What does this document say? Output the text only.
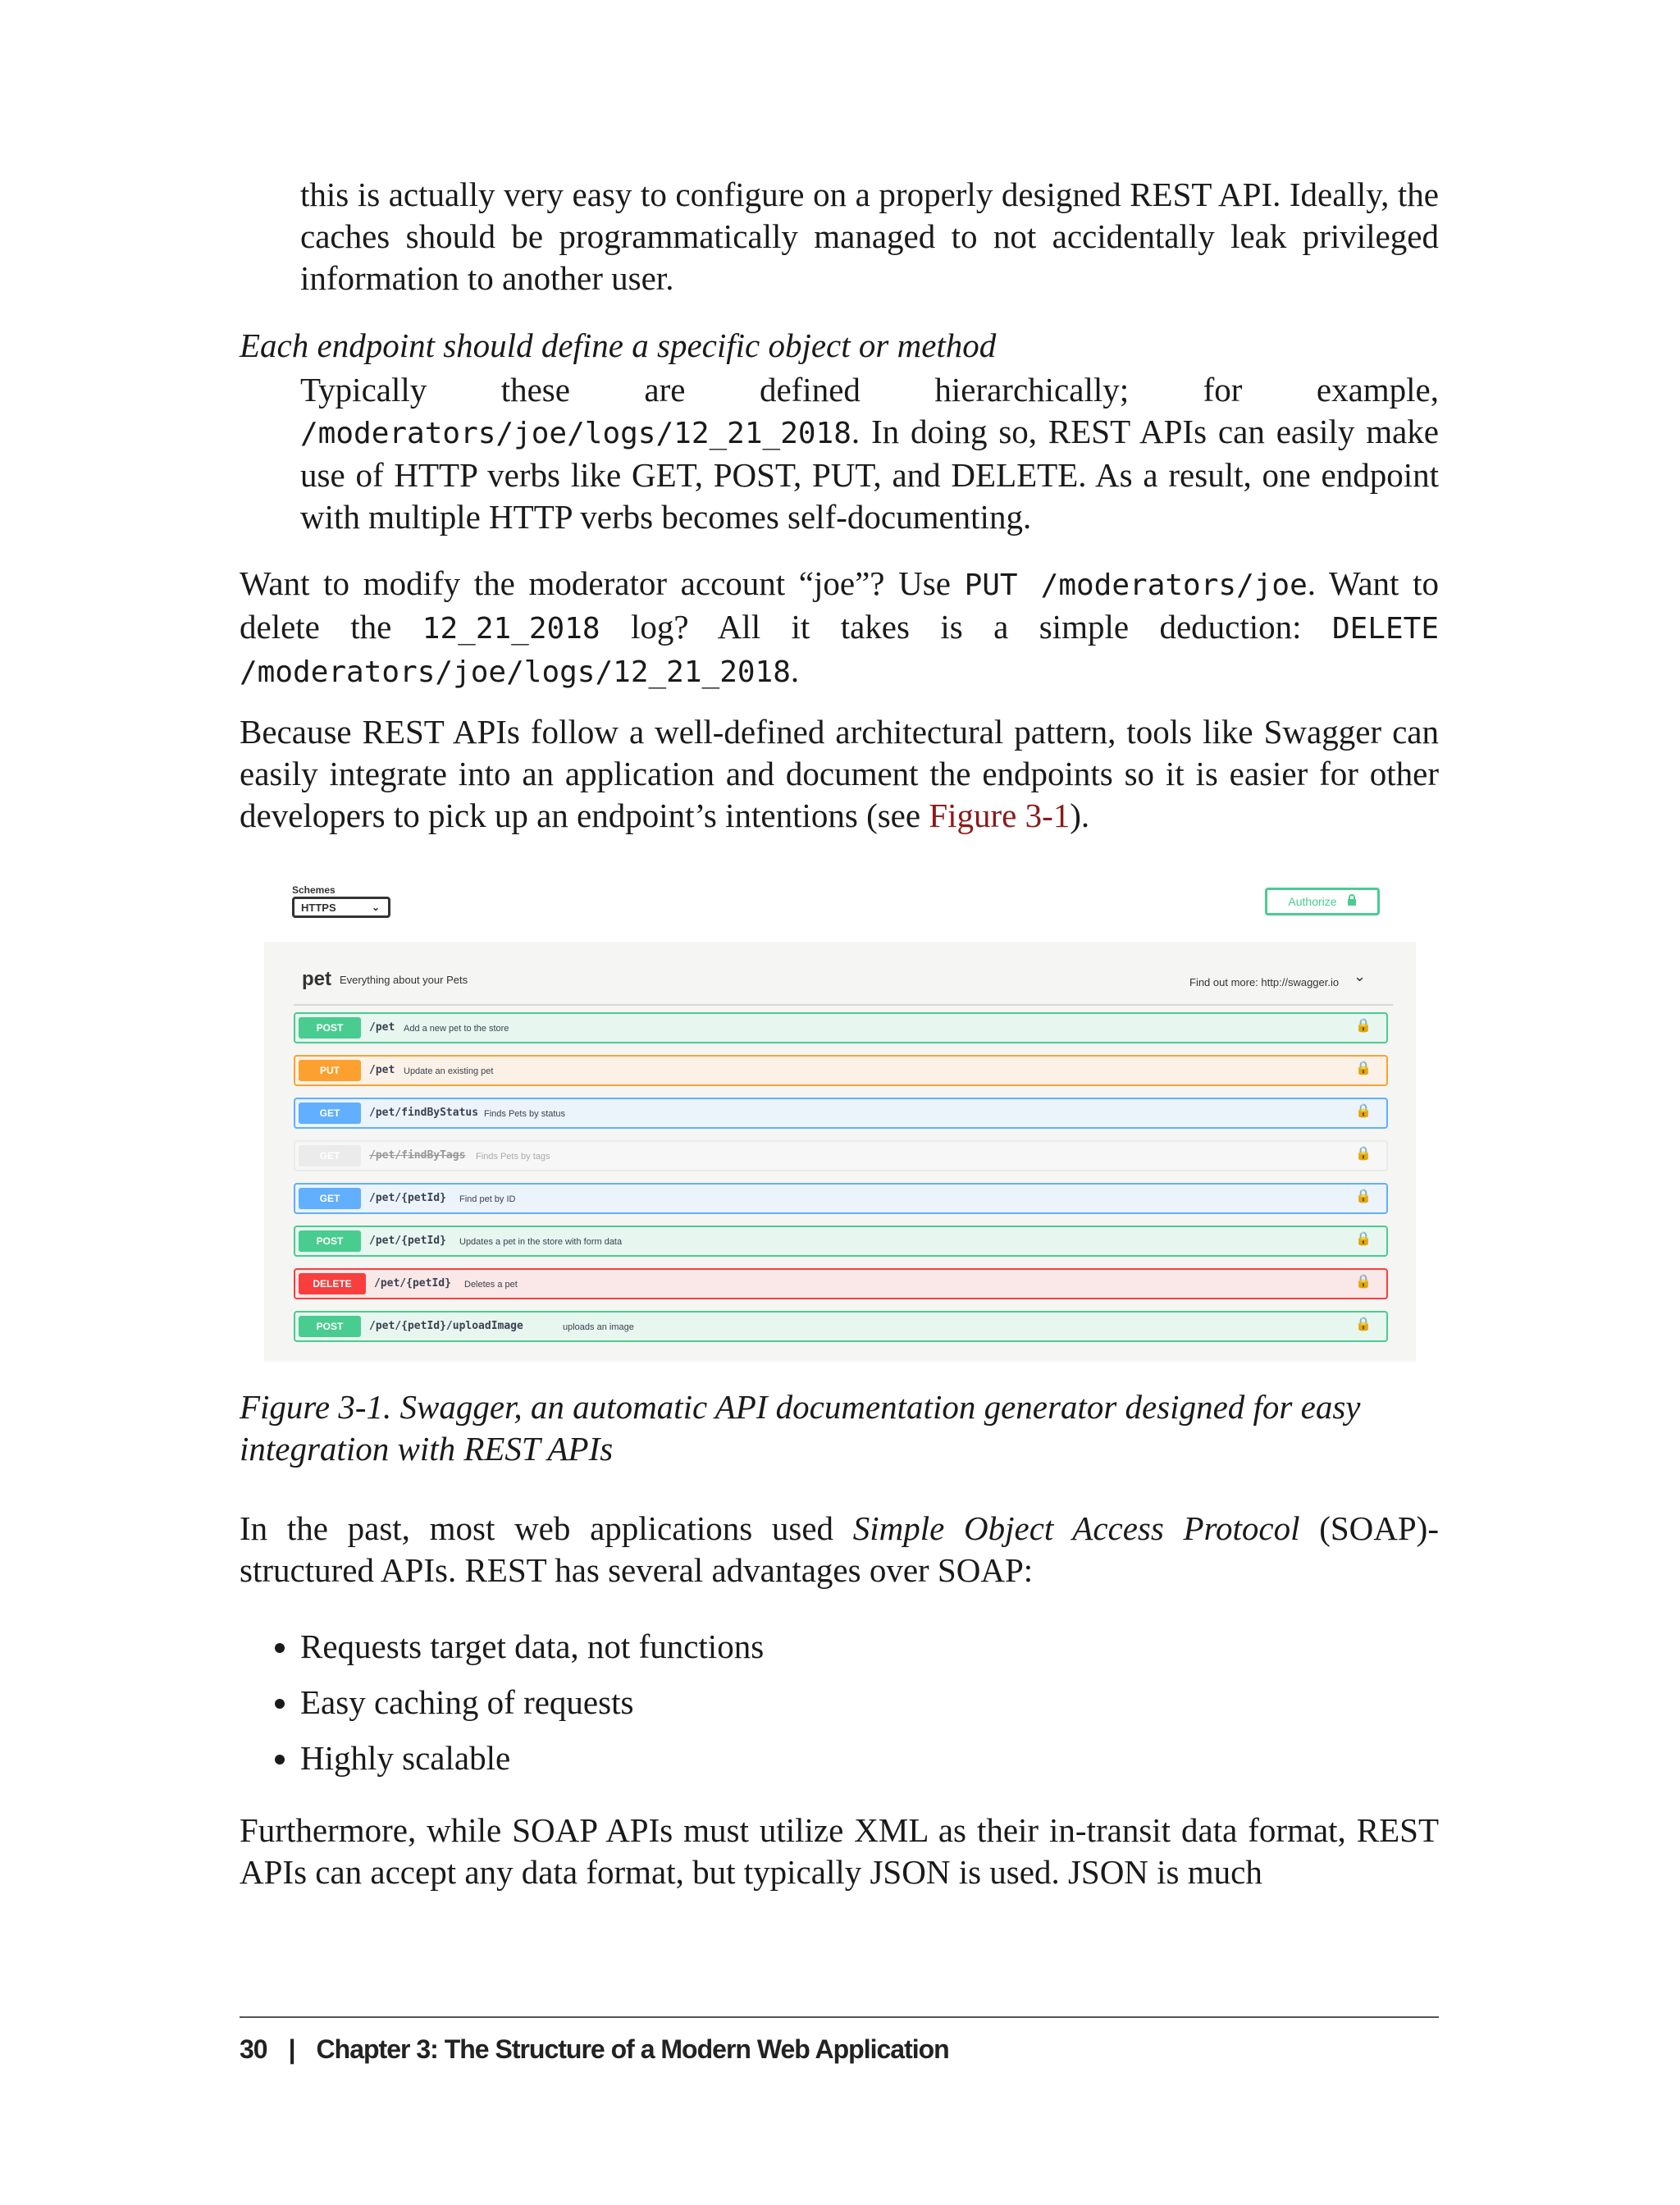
this is actually very easy to configure on a properly designed REST API. Ideally, the caches should be programmatically managed to not accidentally leak privileged information to another user.
Each endpoint should define a specific object or method
Typically these are defined hierarchically; for example, /moderators/joe/logs/12_21_2018. In doing so, REST APIs can easily make use of HTTP verbs like GET, POST, PUT, and DELETE. As a result, one endpoint with multiple HTTP verbs becomes self-documenting.
Want to modify the moderator account “joe”? Use PUT /moderators/joe. Want to delete the 12_21_2018 log? All it takes is a simple deduction: DELETE /moderators/joe/logs/12_21_2018.
Because REST APIs follow a well-defined architectural pattern, tools like Swagger can easily integrate into an application and document the endpoints so it is easier for other developers to pick up an endpoint’s intentions (see Figure 3-1).
Schemes
HTTPS	⌄	Authorize
pet Everything about your Pets	Find out more: http://swagger.io ⌄
POST	/pet Add a new pet to the store	🔒
PUT	/pet Update an existing pet	🔒
GET	/pet/findByStatus Finds Pets by status	🔒
GET	/pet/findByTags Finds Pets by tags	🔒
GET	/pet/{petId} Find pet by ID	🔒
POST	/pet/{petId} Updates a pet in the store with form data	🔒
DELETE	/pet/{petId} Deletes a pet	🔒
POST	/pet/{petId}/uploadImage	uploads an image	🔒
Figure 3-1. Swagger, an automatic API documentation generator designed for easy integration with REST APIs
In the past, most web applications used Simple Object Access Protocol (SOAP)-structured APIs. REST has several advantages over SOAP:
• Requests target data, not functions
• Easy caching of requests
• Highly scalable
Furthermore, while SOAP APIs must utilize XML as their in-transit data format, REST APIs can accept any data format, but typically JSON is used. JSON is much
30 | Chapter 3: The Structure of a Modern Web Application
